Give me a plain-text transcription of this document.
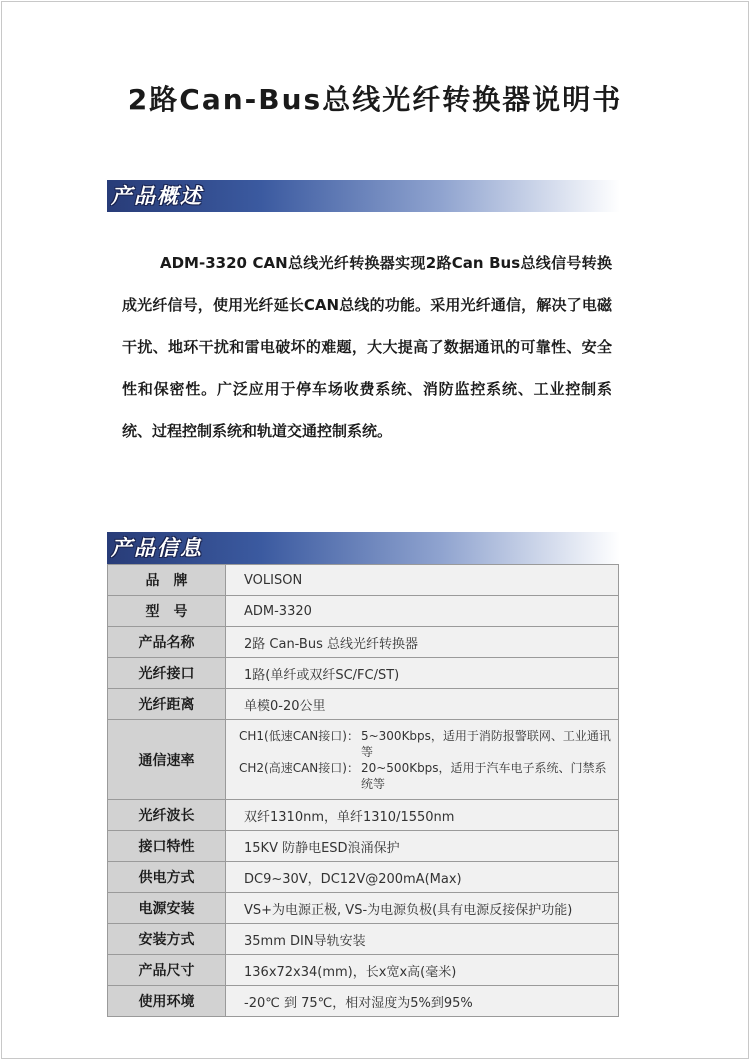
2路Can-Bus总线光纤转换器说明书
产品概述
ADM-3320 CAN总线光纤转换器实现2路Can Bus总线信号转换成光纤信号，使用光纤延长CAN总线的功能。采用光纤通信，解决了电磁干扰、地环干扰和雷电破坏的难题，大大提高了数据通讯的可靠性、安全性和保密性。广泛应用于停车场收费系统、消防监控系统、工业控制系统、过程控制系统和轨道交通控制系统。
产品信息
品　牌	VOLISON
型　号	ADM-3320
产品名称	2路 Can-Bus 总线光纤转换器
光纤接口	1路(单纤或双纤SC/FC/ST)
光纤距离	单模0-20公里
通信速率	CH1(低速CAN接口)： 5~300Kbps，适用于消防报警联网、工业通讯等
CH2(高速CAN接口)： 20~500Kbps，适用于汽车电子系统、门禁系统等

光纤波长	双纤1310nm，单纤1310/1550nm
接口特性	15KV 防静电ESD浪涌保护
供电方式	DC9~30V，DC12V@200mA(Max)
电源安装	VS+为电源正极, VS-为电源负极(具有电源反接保护功能)
安装方式	35mm DIN导轨安装
产品尺寸	136x72x34(mm)，长x宽x高(毫米)
使用环境	-20℃ 到 75℃，相对湿度为5%到95%
